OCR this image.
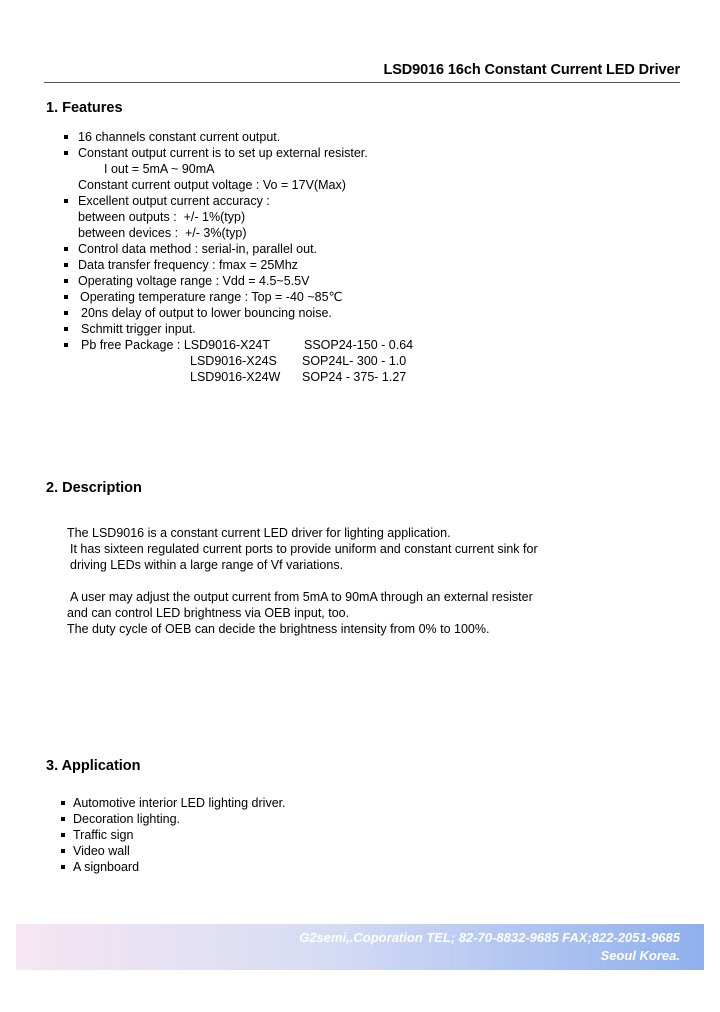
LSD9016 16ch Constant Current LED Driver
1. Features
16 channels constant current output.
Constant output current is to set up external resister.
I out = 5mA ~ 90mA
Constant current output voltage : Vo = 17V(Max)
Excellent output current accuracy :
between outputs :  +/- 1%(typ)
between devices :  +/- 3%(typ)
Control data method : serial-in, parallel out.
Data transfer frequency : fmax = 25Mhz
Operating voltage range : Vdd = 4.5~5.5V
Operating temperature range : Top = -40 ~85℃
20ns delay of output to lower bouncing noise.
Schmitt trigger input.
Pb free Package : LSD9016-X24T	SSOP24-150 - 0.64
LSD9016-X24S SOP24L- 300 - 1.0
LSD9016-X24W SOP24 - 375- 1.27
2. Description
The LSD9016 is a constant current LED driver for lighting application.
It has sixteen regulated current ports to provide uniform and constant current sink for
driving LEDs within a large range of Vf variations.
A user may adjust the output current from 5mA to 90mA through an external resister
and can control LED brightness via OEB input, too.
The duty cycle of OEB can decide the brightness intensity from 0% to 100%.
3. Application
Automotive interior LED lighting driver.
Decoration lighting.
Traffic sign
Video wall
A signboard
G2semi,.Coporation TEL; 82-70-8832-9685 FAX;822-2051-9685
Seoul Korea.
